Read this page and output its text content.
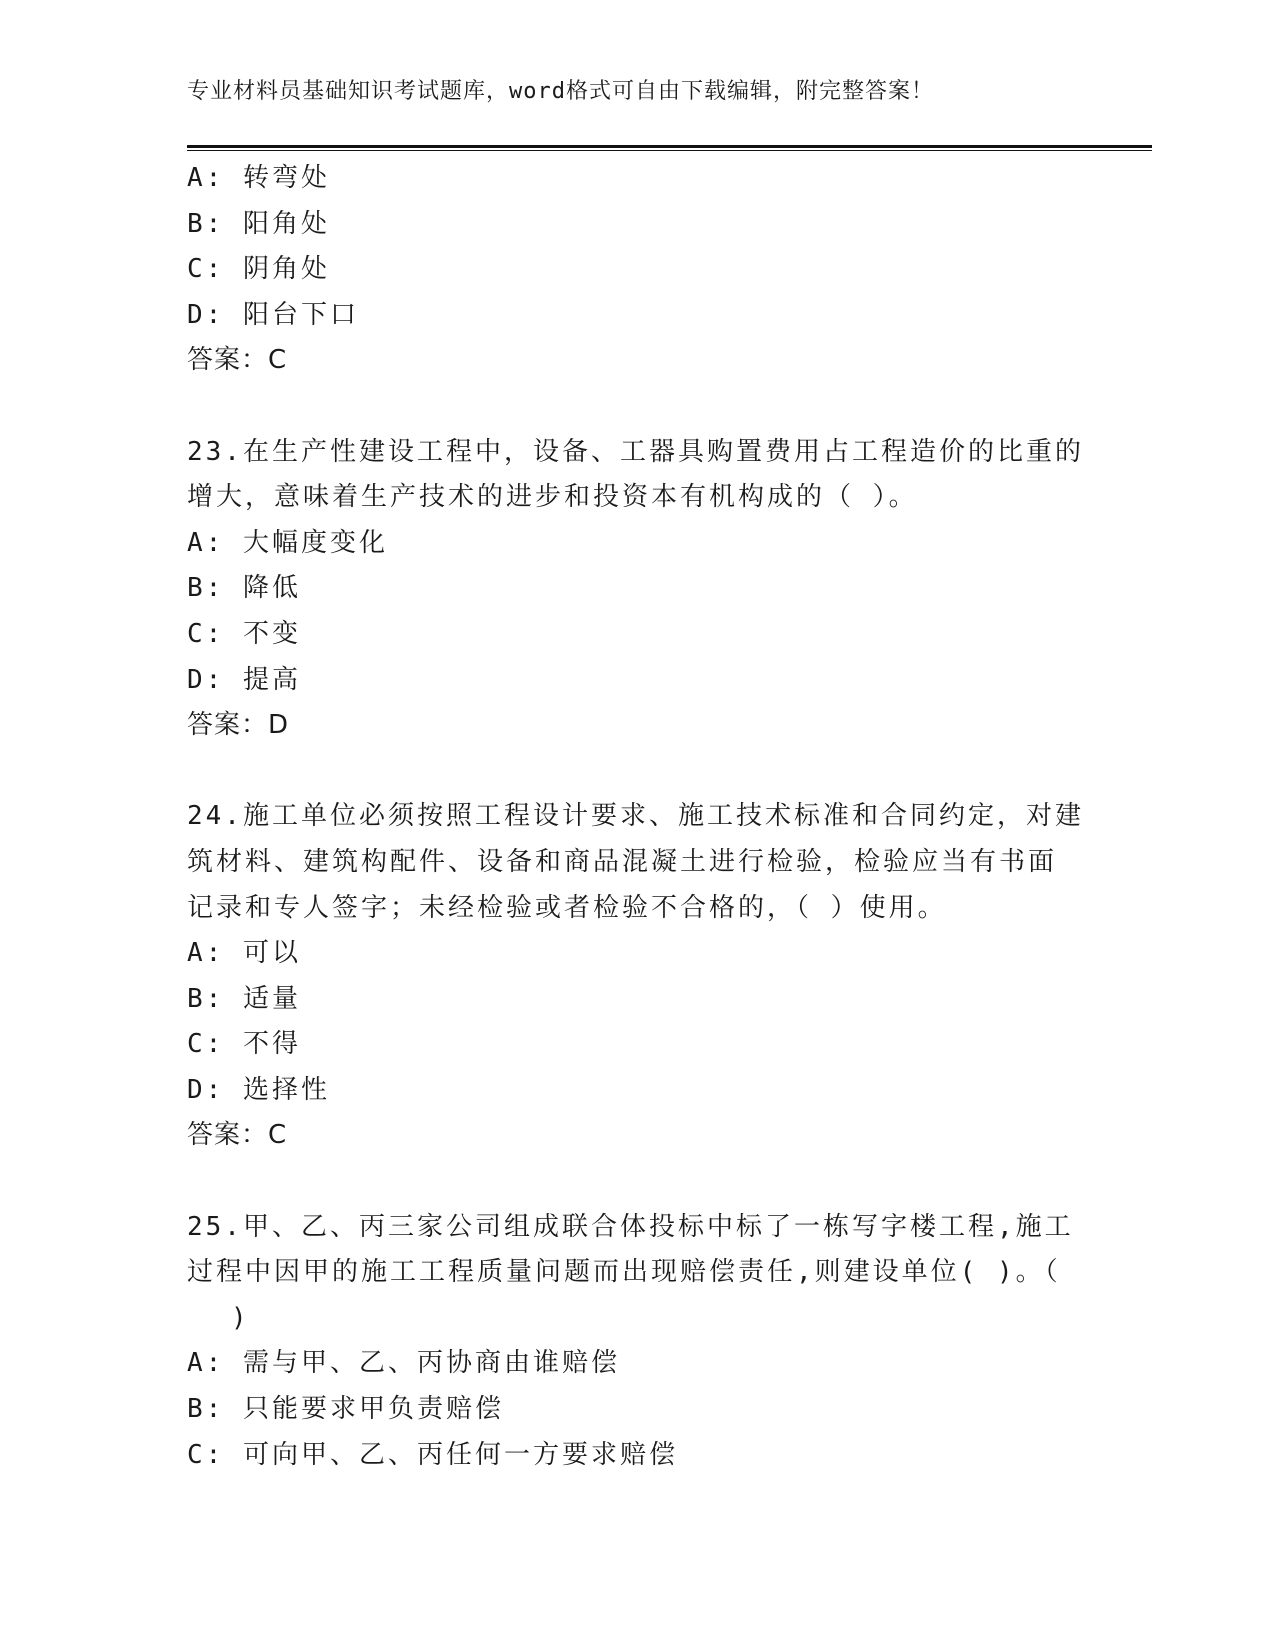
专业材料员基础知识考试题库，word格式可自由下载编辑，附完整答案！
A: 转弯处
B: 阳角处
C: 阴角处
D: 阳台下口
答案：C
23.在生产性建设工程中，设备、工器具购置费用占工程造价的比重的
增大，意味着生产技术的进步和投资本有机构成的（ ）。
A: 大幅度变化
B: 降低
C: 不变
D: 提高
答案：D
24.施工单位必须按照工程设计要求、施工技术标准和合同约定，对建
筑材料、建筑构配件、设备和商品混凝土进行检验，检验应当有书面
记录和专人签字；未经检验或者检验不合格的，（ ）使用。
A: 可以
B: 适量
C: 不得
D: 选择性
答案：C
25.甲、乙、丙三家公司组成联合体投标中标了一栋写字楼工程,施工
过程中因甲的施工工程质量问题而出现赔偿责任,则建设单位( )。（
)
A: 需与甲、乙、丙协商由谁赔偿
B: 只能要求甲负责赔偿
C: 可向甲、乙、丙任何一方要求赔偿
